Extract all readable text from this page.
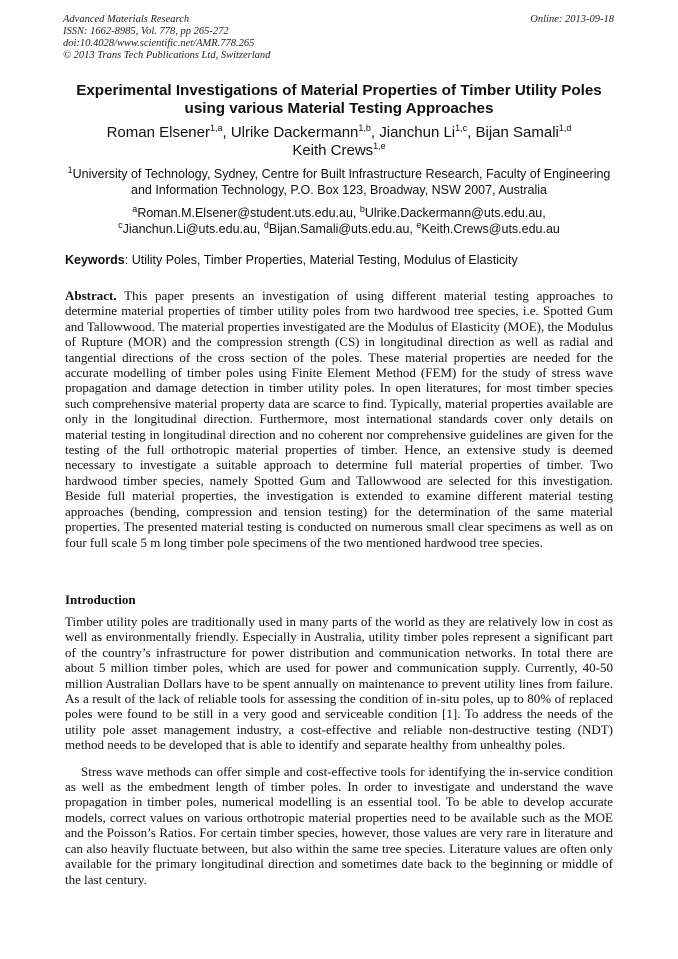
Advanced Materials Research
ISSN: 1662-8985, Vol. 778, pp 265-272
doi:10.4028/www.scientific.net/AMR.778.265
© 2013 Trans Tech Publications Ltd, Switzerland
Online: 2013-09-18
Experimental Investigations of Material Properties of Timber Utility Poles
using various Material Testing Approaches
Roman Elsener$^{1,a}$, Ulrike Dackermann$^{1,b}$, Jianchun Li$^{1,c}$, Bijan Samali$^{1,d}$
Keith Crews$^{1,e}$
$^1$University of Technology, Sydney, Centre for Built Infrastructure Research, Faculty of Engineering
and Information Technology, P.O. Box 123, Broadway, NSW 2007, Australia
$^a$Roman.M.Elsener@student.uts.edu.au, $^b$Ulrike.Dackermann@uts.edu.au,
$^c$Jianchun.Li@uts.edu.au, $^d$Bijan.Samali@uts.edu.au, $^e$Keith.Crews@uts.edu.au
Keywords: Utility Poles, Timber Properties, Material Testing, Modulus of Elasticity
Abstract. This paper presents an investigation of using different material testing approaches to determine material properties of timber utility poles from two hardwood tree species, i.e. Spotted Gum and Tallowwood. The material properties investigated are the Modulus of Elasticity (MOE), the Modulus of Rupture (MOR) and the compression strength (CS) in longitudinal direction as well as radial and tangential directions of the cross section of the poles. These material properties are needed for the accurate modelling of timber poles using Finite Element Method (FEM) for the study of stress wave propagation and damage detection in timber utility poles. In open literatures, for most timber species such comprehensive material property data are scarce to find. Typically, material properties available are only in the longitudinal direction. Furthermore, most international standards cover only details on material testing in longitudinal direction and no coherent nor comprehensive guidelines are given for the testing of the full orthotropic material properties of timber. Hence, an extensive study is deemed necessary to investigate a suitable approach to determine full material properties of timber. Two hardwood timber species, namely Spotted Gum and Tallowwood are selected for this investigation. Beside full material properties, the investigation is extended to examine different material testing approaches (bending, compression and tension testing) for the determination of the same material properties. The presented material testing is conducted on numerous small clear specimens as well as on four full scale 5 m long timber pole specimens of the two mentioned hardwood tree species.
Introduction

Timber utility poles are traditionally used in many parts of the world as they are relatively low in cost as well as environmentally friendly. Especially in Australia, utility timber poles represent a significant part of the country’s infrastructure for power distribution and communication networks. In total there are about 5 million timber poles, which are used for power and communication supply. Currently, 40-50 million Australian Dollars have to be spent annually on maintenance to prevent utility lines from failure. As a result of the lack of reliable tools for assessing the condition of in-situ poles, up to 80% of replaced poles were found to be still in a very good and serviceable condition [1]. To address the needs of the utility pole asset management industry, a cost-effective and reliable non-destructive testing (NDT) method needs to be developed that is able to identify and separate healthy from unhealthy poles.

Stress wave methods can offer simple and cost-effective tools for identifying the in-service condition as well as the embedment length of timber poles. In order to investigate and understand the wave propagation in timber poles, numerical modelling is an essential tool. To be able to develop accurate models, correct values on various orthotropic material properties need to be available such as the MOE and the Poisson’s Ratios. For certain timber species, however, those values are very rare in literature and can also heavily fluctuate between, but also within the same tree species. Literature values are often only available for the primary longitudinal direction and sometimes date back to the beginning or middle of the last century.
